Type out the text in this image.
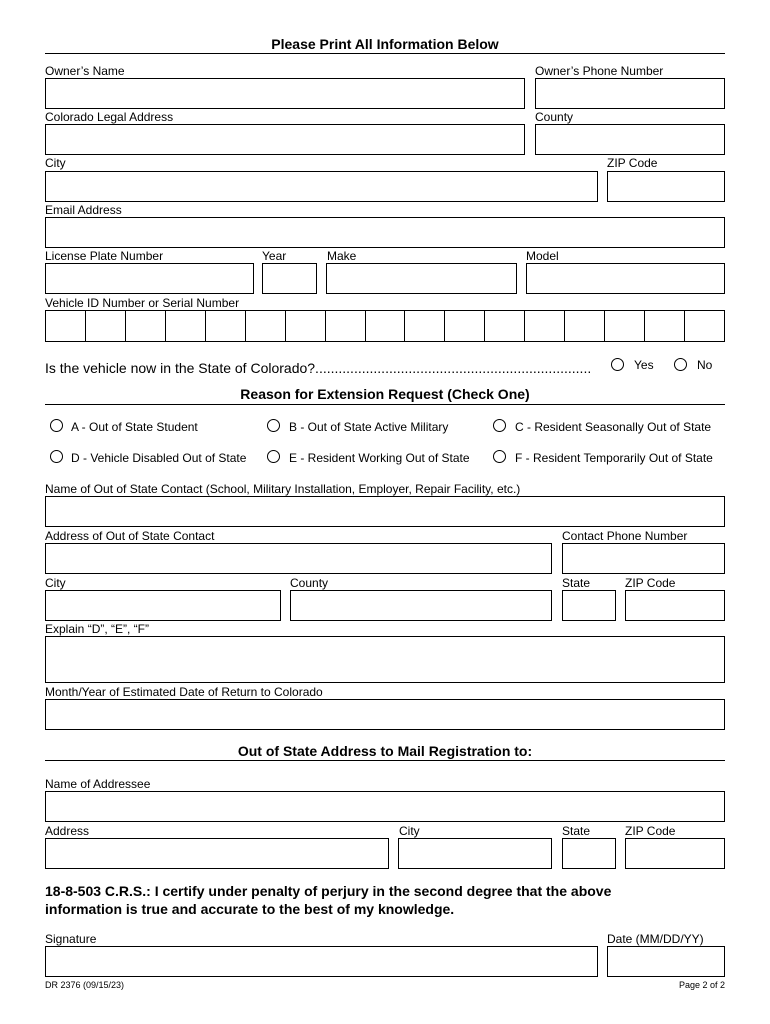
Please Print All Information Below
Owner’s Name	Owner’s Phone Number
Colorado Legal Address	County
City	ZIP Code
Email Address
License Plate Number	Year	Make	Model
Vehicle ID Number or Serial Number
Is the vehicle now in the State of Colorado?.......................................................................	Yes	No
Reason for Extension Request (Check One)
A - Out of State Student	B - Out of State Active Military	C - Resident Seasonally Out of State
D - Vehicle Disabled Out of State	E - Resident Working Out of State	F - Resident Temporarily Out of State
Name of Out of State Contact (School, Military Installation, Employer, Repair Facility, etc.)
Address of Out of State Contact	Contact Phone Number
City	County	State	ZIP Code
Explain “D”, “E”, “F”
Month/Year of Estimated Date of Return to Colorado
Out of State Address to Mail Registration to:
Name of Addressee
Address	City	State	ZIP Code
18-8-503 C.R.S.: I certify under penalty of perjury in the second degree that the above
information is true and accurate to the best of my knowledge.
Signature	Date (MM/DD/YY)
DR 2376 (09/15/23)	Page 2 of 2
